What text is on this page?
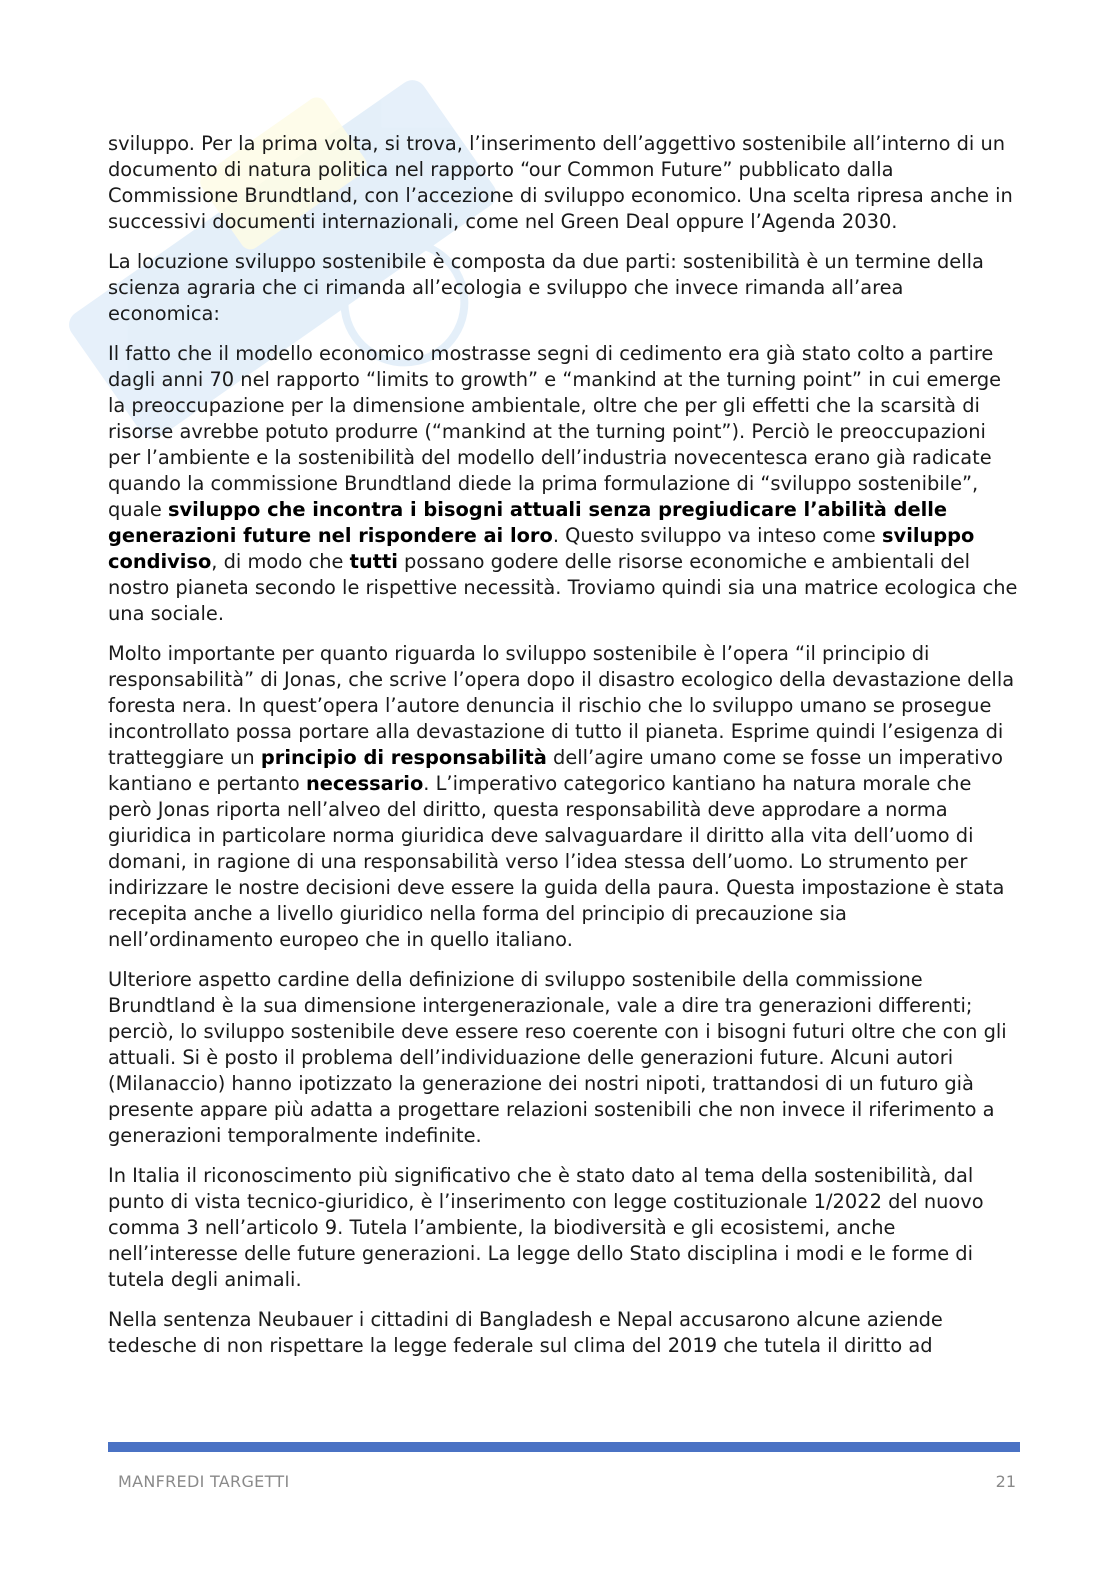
sviluppo. Per la prima volta, si trova, l’inserimento dell’aggettivo sostenibile all’interno di un documento di natura politica nel rapporto “our Common Future” pubblicato dalla Commissione Brundtland, con l’accezione di sviluppo economico. Una scelta ripresa anche in successivi documenti internazionali, come nel Green Deal oppure l’Agenda 2030.

La locuzione sviluppo sostenibile è composta da due parti: sostenibilità è un termine della scienza agraria che ci rimanda all’ecologia e sviluppo che invece rimanda all’area economica:

Il fatto che il modello economico mostrasse segni di cedimento era già stato colto a partire dagli anni 70 nel rapporto “limits to growth” e “mankind at the turning point” in cui emerge la preoccupazione per la dimensione ambientale, oltre che per gli effetti che la scarsità di risorse avrebbe potuto produrre (“mankind at the turning point”). Perciò le preoccupazioni per l’ambiente e la sostenibilità del modello dell’industria novecentesca erano già radicate quando la commissione Brundtland diede la prima formulazione di “sviluppo sostenibile”, quale sviluppo che incontra i bisogni attuali senza pregiudicare l’abilità delle generazioni future nel rispondere ai loro. Questo sviluppo va inteso come sviluppo condiviso, di modo che tutti possano godere delle risorse economiche e ambientali del nostro pianeta secondo le rispettive necessità. Troviamo quindi sia una matrice ecologica che una sociale.

Molto importante per quanto riguarda lo sviluppo sostenibile è l’opera “il principio di responsabilità” di Jonas, che scrive l’opera dopo il disastro ecologico della devastazione della foresta nera. In quest’opera l’autore denuncia il rischio che lo sviluppo umano se prosegue incontrollato possa portare alla devastazione di tutto il pianeta. Esprime quindi l’esigenza di tratteggiare un principio di responsabilità dell’agire umano come se fosse un imperativo kantiano e pertanto necessario. L’imperativo categorico kantiano ha natura morale che però Jonas riporta nell’alveo del diritto, questa responsabilità deve approdare a norma giuridica in particolare norma giuridica deve salvaguardare il diritto alla vita dell’uomo di domani, in ragione di una responsabilità verso l’idea stessa dell’uomo. Lo strumento per indirizzare le nostre decisioni deve essere la guida della paura. Questa impostazione è stata recepita anche a livello giuridico nella forma del principio di precauzione sia nell’ordinamento europeo che in quello italiano.

Ulteriore aspetto cardine della definizione di sviluppo sostenibile della commissione Brundtland è la sua dimensione intergenerazionale, vale a dire tra generazioni differenti; perciò, lo sviluppo sostenibile deve essere reso coerente con i bisogni futuri oltre che con gli attuali. Si è posto il problema dell’individuazione delle generazioni future. Alcuni autori (Milanaccio) hanno ipotizzato la generazione dei nostri nipoti, trattandosi di un futuro già presente appare più adatta a progettare relazioni sostenibili che non invece il riferimento a generazioni temporalmente indefinite.

In Italia il riconoscimento più significativo che è stato dato al tema della sostenibilità, dal punto di vista tecnico-giuridico, è l’inserimento con legge costituzionale 1/2022 del nuovo comma 3 nell’articolo 9. Tutela l’ambiente, la biodiversità e gli ecosistemi, anche nell’interesse delle future generazioni. La legge dello Stato disciplina i modi e le forme di tutela degli animali.

Nella sentenza Neubauer i cittadini di Bangladesh e Nepal accusarono alcune aziende tedesche di non rispettare la legge federale sul clima del 2019 che tutela il diritto ad

MANFREDI TARGETTI	21
